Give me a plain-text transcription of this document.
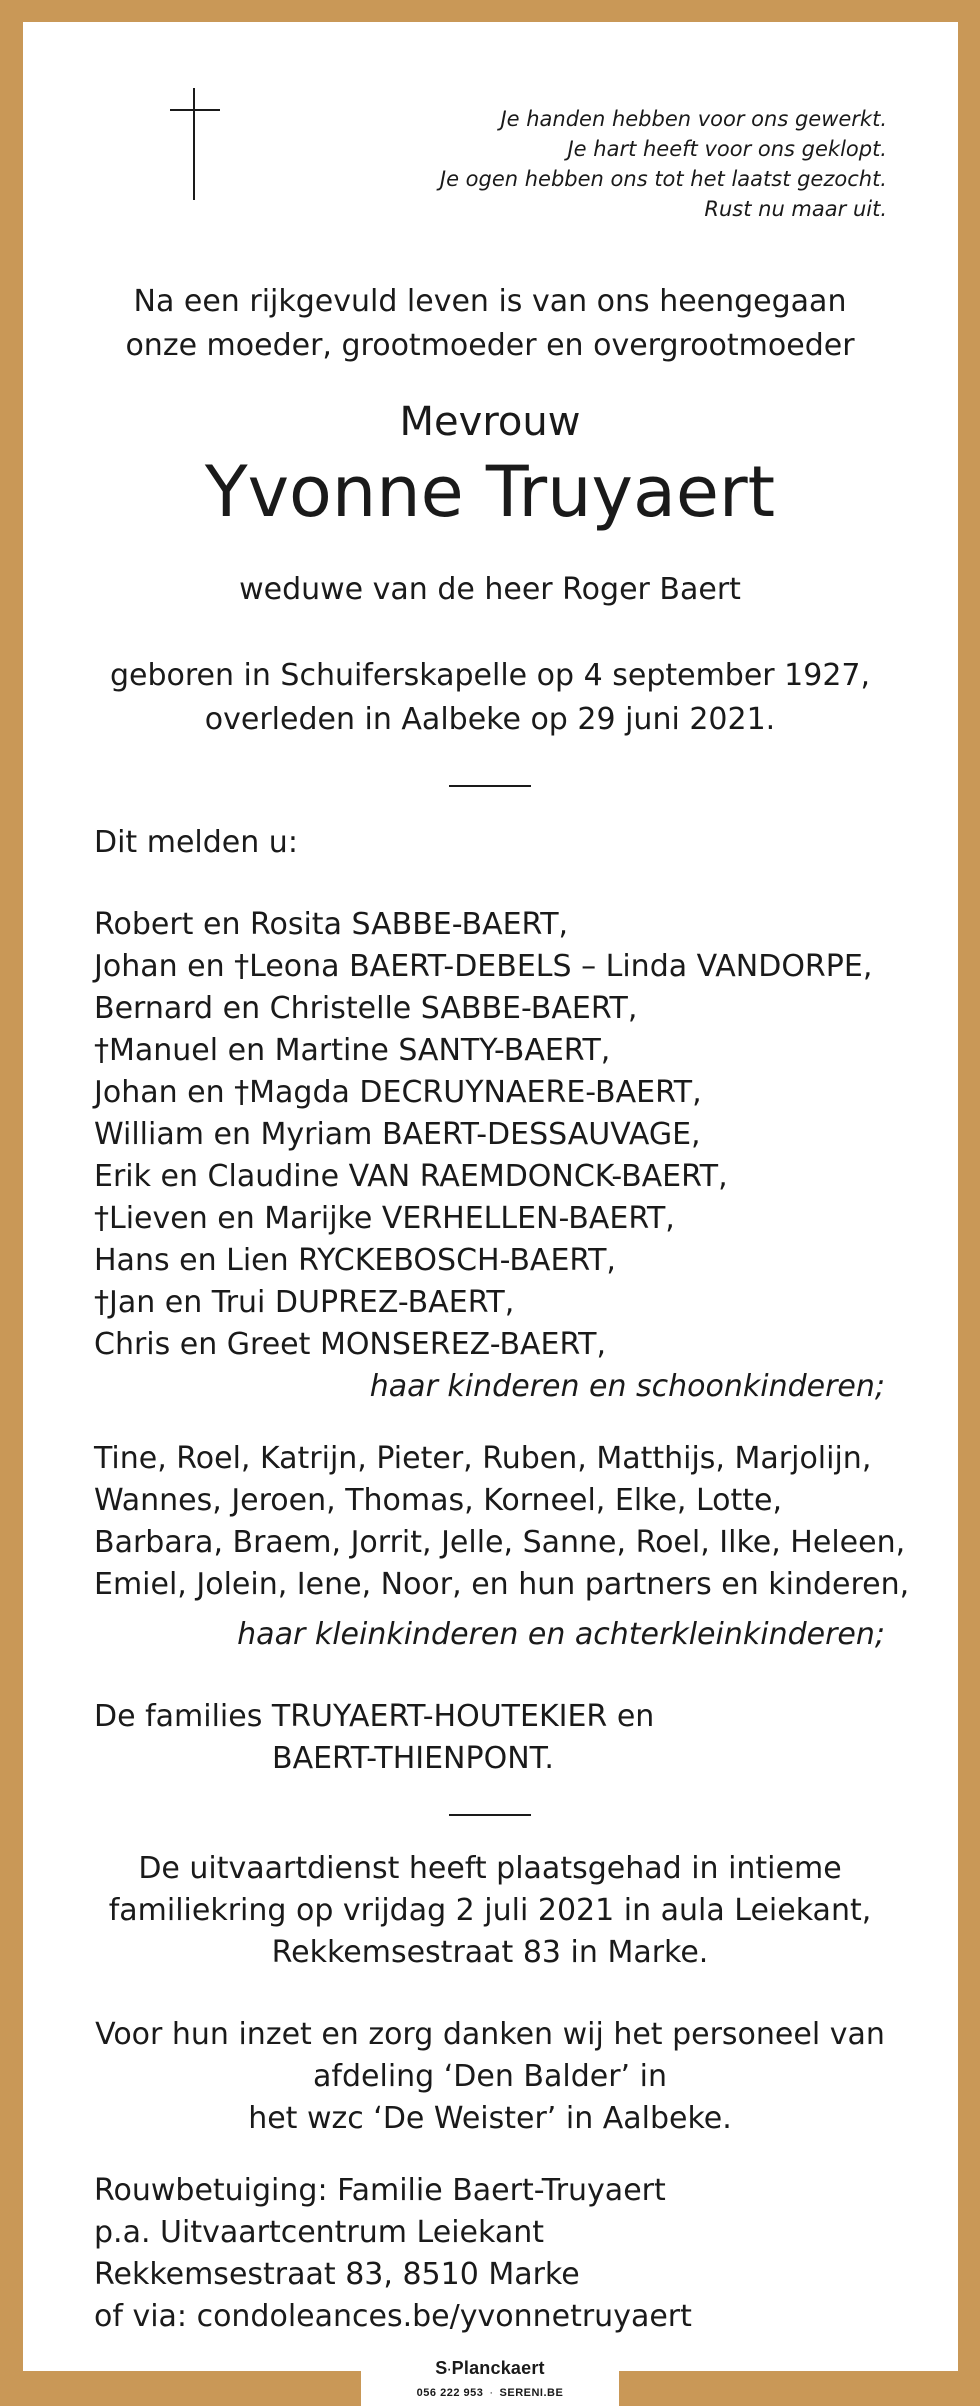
Je handen hebben voor ons gewerkt.
Je hart heeft voor ons geklopt.
Je ogen hebben ons tot het laatst gezocht.
Rust nu maar uit.
Na een rijkgevuld leven is van ons heengegaan
onze moeder, grootmoeder en overgrootmoeder
Mevrouw
Yvonne Truyaert
weduwe van de heer Roger Baert
geboren in Schuiferskapelle op 4 september 1927,
overleden in Aalbeke op 29 juni 2021.
Dit melden u:
Robert en Rosita SABBE-BAERT,
Johan en †Leona BAERT-DEBELS – Linda VANDORPE,
Bernard en Christelle SABBE-BAERT,
†Manuel en Martine SANTY-BAERT,
Johan en †Magda DECRUYNAERE-BAERT,
William en Myriam BAERT-DESSAUVAGE,
Erik en Claudine VAN RAEMDONCK-BAERT,
†Lieven en Marijke VERHELLEN-BAERT,
Hans en Lien RYCKEBOSCH-BAERT,
†Jan en Trui DUPREZ-BAERT,
Chris en Greet MONSEREZ-BAERT,
haar kinderen en schoonkinderen;
Tine, Roel, Katrijn, Pieter, Ruben, Matthijs, Marjolijn,
Wannes, Jeroen, Thomas, Korneel, Elke, Lotte,
Barbara, Braem, Jorrit, Jelle, Sanne, Roel, Ilke, Heleen,
Emiel, Jolein, Iene, Noor, en hun partners en kinderen,
haar kleinkinderen en achterkleinkinderen;
De families TRUYAERT-HOUTEKIER en
BAERT-THIENPONT.
De uitvaartdienst heeft plaatsgehad in intieme
familiekring op vrijdag 2 juli 2021 in aula Leiekant,
Rekkemsestraat 83 in Marke.
Voor hun inzet en zorg danken wij het personeel van
afdeling ‘Den Balder’ in
het wzc ‘De Weister’ in Aalbeke.
Rouwbetuiging: Familie Baert-Truyaert
p.a. Uitvaartcentrum Leiekant
Rekkemsestraat 83, 8510 Marke
of via: condoleances.be/yvonnetruyaert
S·Planckaert
056 222 953 · SERENI.BE
